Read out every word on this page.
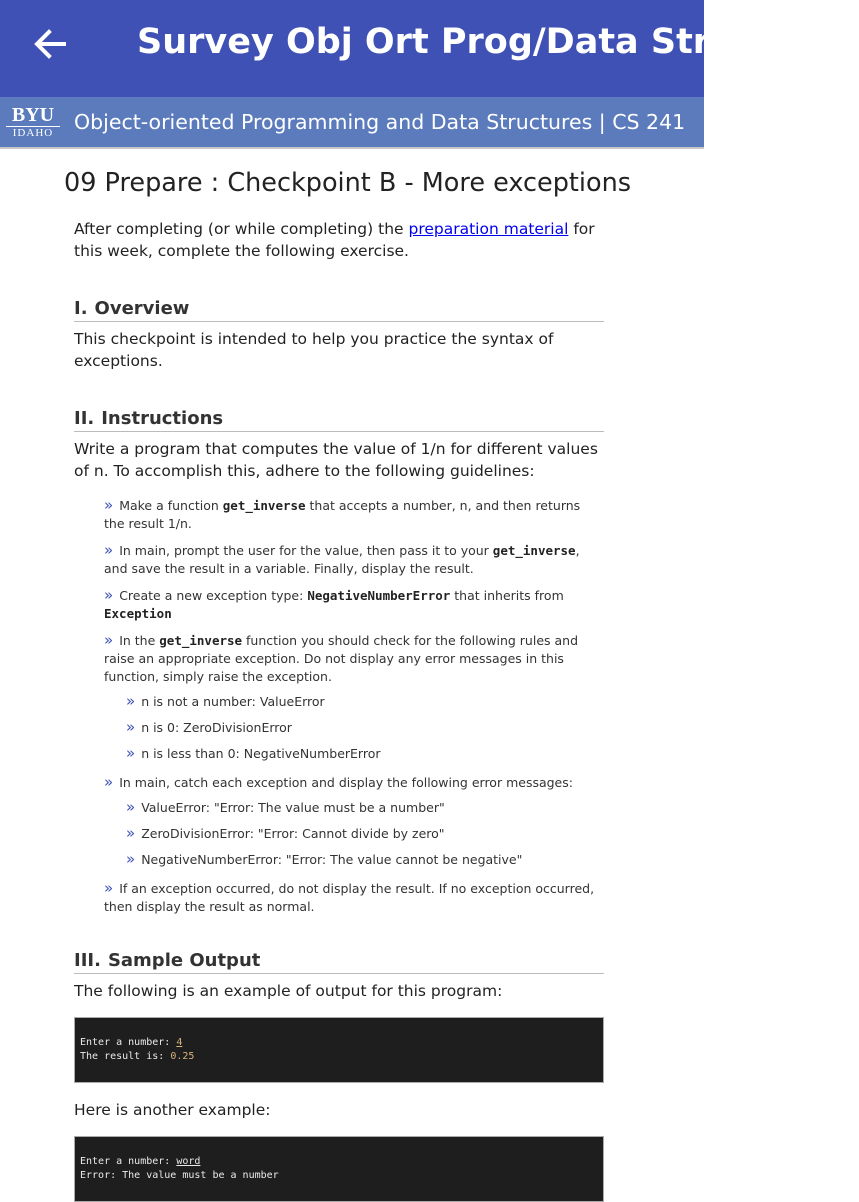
Survey Obj Ort Prog/Data Structures
BYU
IDAHO	Object-oriented Programming and Data Structures | CS 241
09 Prepare : Checkpoint B - More exceptions

After completing (or while completing) the preparation material for this week, complete the following exercise.

I. Overview

This checkpoint is intended to help you practice the syntax of exceptions.

II. Instructions

Write a program that computes the value of 1/n for different values of n. To accomplish this, adhere to the following guidelines:

» Make a function get_inverse that accepts a number, n, and then returns the result 1/n.
» In main, prompt the user for the value, then pass it to your get_inverse, and save the result in a variable. Finally, display the result.
» Create a new exception type: NegativeNumberError that inherits from
Exception
» In the get_inverse function you should check for the following rules and raise an appropriate exception. Do not display any error messages in this function, simply raise the exception.
» n is not a number: ValueError
» n is 0: ZeroDivisionError
» n is less than 0: NegativeNumberError
» In main, catch each exception and display the following error messages:
» ValueError: "Error: The value must be a number"
» ZeroDivisionError: "Error: Cannot divide by zero"
» NegativeNumberError: "Error: The value cannot be negative"
» If an exception occurred, do not display the result. If no exception occurred, then display the result as normal.
III. Sample Output

The following is an example of output for this program:

Enter a number: 4
The result is: 0.25

Here is another example:

Enter a number: word
Error: The value must be a number
